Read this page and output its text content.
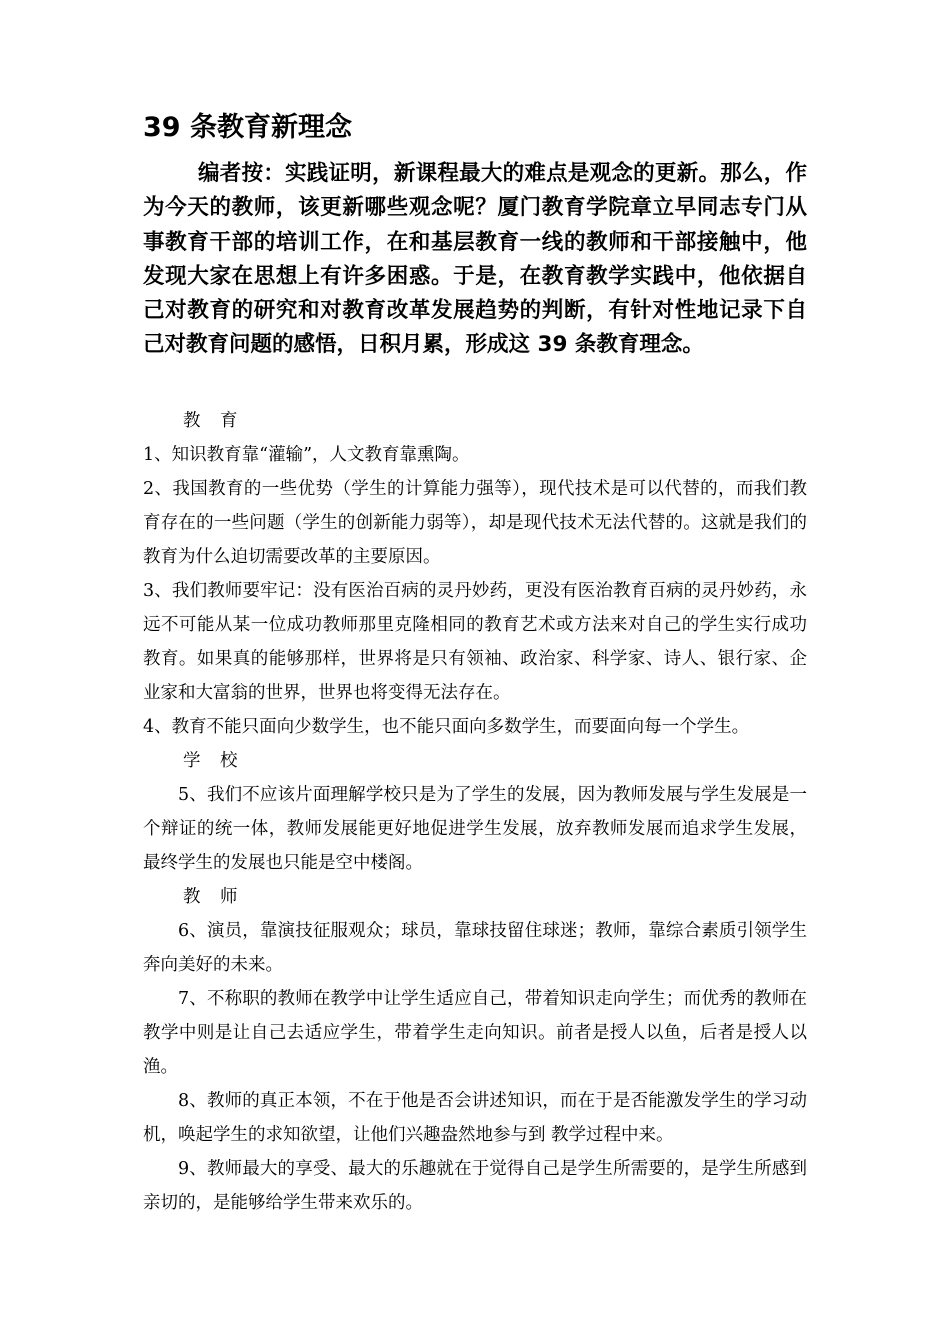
39 条教育新理念

编者按：实践证明，新课程最大的难点是观念的更新。那么，作为今天的教师，该更新哪些观念呢？厦门教育学院章立早同志专门从事教育干部的培训工作，在和基层教育一线的教师和干部接触中，他发现大家在思想上有许多困惑。于是，在教育教学实践中，他依据自己对教育的研究和对教育改革发展趋势的判断，有针对性地记录下自己对教育问题的感悟，日积月累，形成这 39 条教育理念。

教　育

1、知识教育靠“灌输”，人文教育靠熏陶。

2、我国教育的一些优势（学生的计算能力强等），现代技术是可以代替的，而我们教育存在的一些问题（学生的创新能力弱等），却是现代技术无法代替的。这就是我们的教育为什么迫切需要改革的主要原因。

3、我们教师要牢记：没有医治百病的灵丹妙药，更没有医治教育百病的灵丹妙药，永远不可能从某一位成功教师那里克隆相同的教育艺术或方法来对自己的学生实行成功教育。如果真的能够那样，世界将是只有领袖、政治家、科学家、诗人、银行家、企业家和大富翁的世界，世界也将变得无法存在。

4、教育不能只面向少数学生，也不能只面向多数学生，而要面向每一个学生。

学　校

5、我们不应该片面理解学校只是为了学生的发展，因为教师发展与学生发展是一个辩证的统一体，教师发展能更好地促进学生发展，放弃教师发展而追求学生发展，最终学生的发展也只能是空中楼阁。

教　师

6、演员，靠演技征服观众；球员，靠球技留住球迷；教师，靠综合素质引领学生奔向美好的未来。

7、不称职的教师在教学中让学生适应自己，带着知识走向学生；而优秀的教师在教学中则是让自己去适应学生，带着学生走向知识。前者是授人以鱼，后者是授人以渔。

8、教师的真正本领，不在于他是否会讲述知识，而在于是否能激发学生的学习动机，唤起学生的求知欲望，让他们兴趣盎然地参与到 教学过程中来。

9、教师最大的享受、最大的乐趣就在于觉得自己是学生所需要的，是学生所感到亲切的，是能够给学生带来欢乐的。
